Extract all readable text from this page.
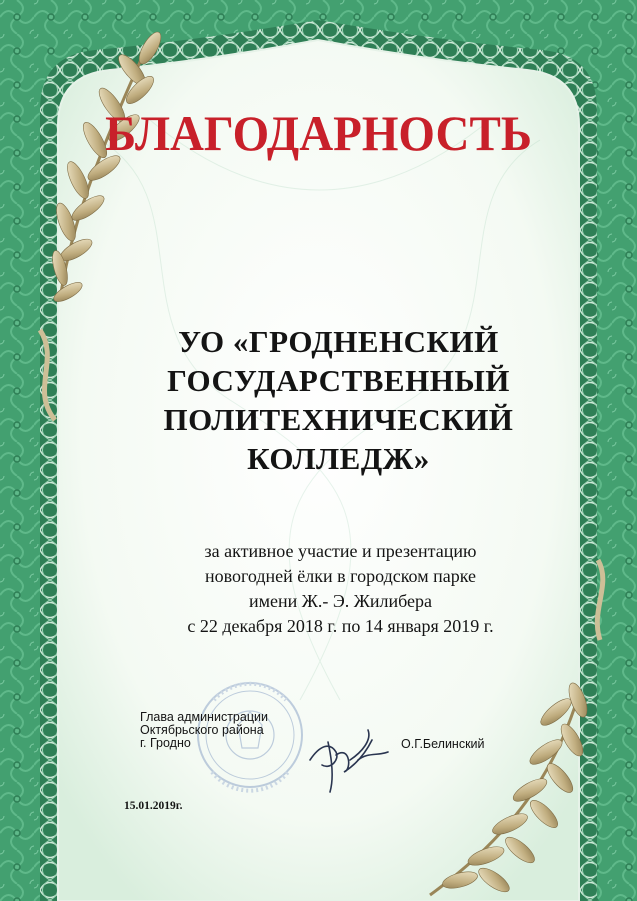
БЛАГОДАРНОСТЬ
УО «ГРОДНЕНСКИЙ
ГОСУДАРСТВЕННЫЙ
ПОЛИТЕХНИЧЕСКИЙ
КОЛЛЕДЖ»
за активное участие и презентацию
новогодней ёлки в городском парке
имени Ж.- Э. Жилибера
с 22 декабря 2018 г. по 14 января 2019 г.
Глава администрации
Октябрьского района
г. Гродно	О.Г.Белинский
15.01.2019г.
